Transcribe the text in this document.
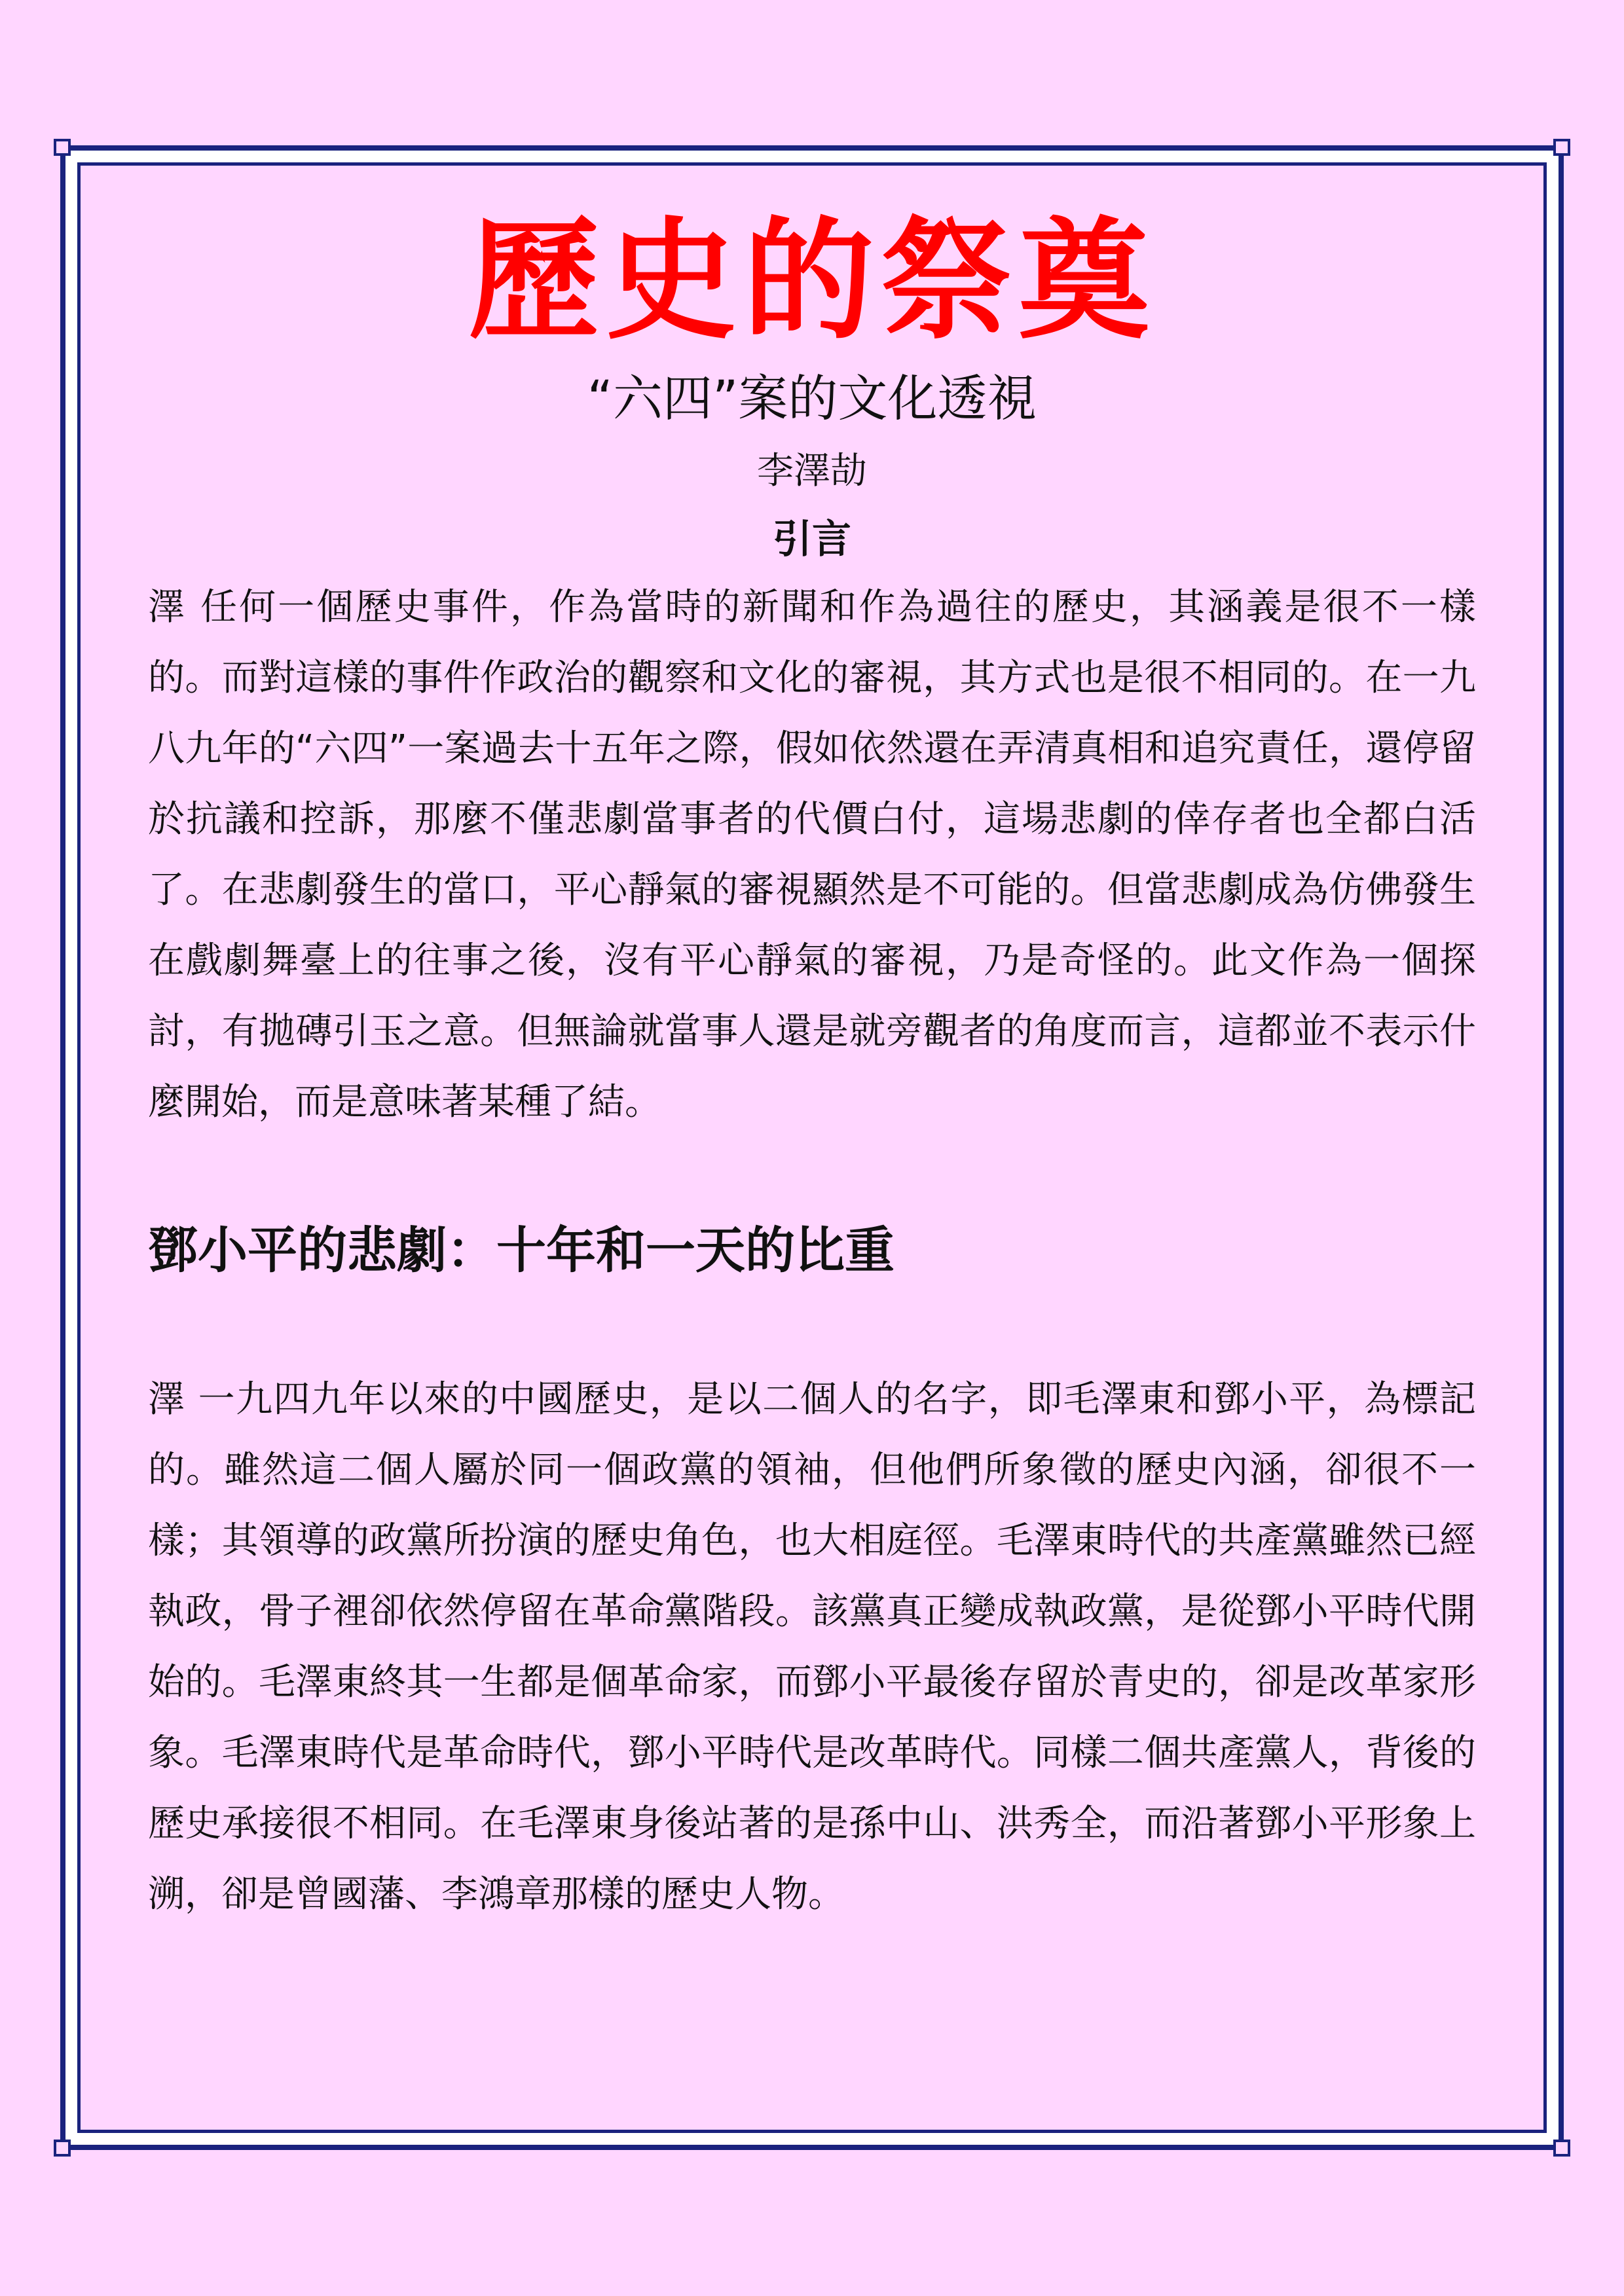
歷史的祭奠
“六四”案的文化透視
李澤劼
引言

澤 任何一個歷史事件，作為當時的新聞和作為過往的歷史，其涵義是很不一樣的。而對這樣的事件作政治的觀察和文化的審視，其方式也是很不相同的。在一九八九年的“六四”一案過去十五年之際，假如依然還在弄清真相和追究責任，還停留於抗議和控訴，那麼不僅悲劇當事者的代價白付，這場悲劇的倖存者也全都白活了。在悲劇發生的當口，平心靜氣的審視顯然是不可能的。但當悲劇成為仿佛發生在戲劇舞臺上的往事之後，沒有平心靜氣的審視，乃是奇怪的。此文作為一個探討，有拋磚引玉之意。但無論就當事人還是就旁觀者的角度而言，這都並不表示什麼開始，而是意味著某種了結。

鄧小平的悲劇：十年和一天的比重

澤 一九四九年以來的中國歷史，是以二個人的名字，即毛澤東和鄧小平，為標記的。雖然這二個人屬於同一個政黨的領袖，但他們所象徵的歷史內涵，卻很不一樣；其領導的政黨所扮演的歷史角色，也大相庭徑。毛澤東時代的共產黨雖然已經執政，骨子裡卻依然停留在革命黨階段。該黨真正變成執政黨，是從鄧小平時代開始的。毛澤東終其一生都是個革命家，而鄧小平最後存留於青史的，卻是改革家形象。毛澤東時代是革命時代，鄧小平時代是改革時代。同樣二個共產黨人，背後的歷史承接很不相同。在毛澤東身後站著的是孫中山、洪秀全，而沿著鄧小平形象上溯，卻是曾國藩、李鴻章那樣的歷史人物。
